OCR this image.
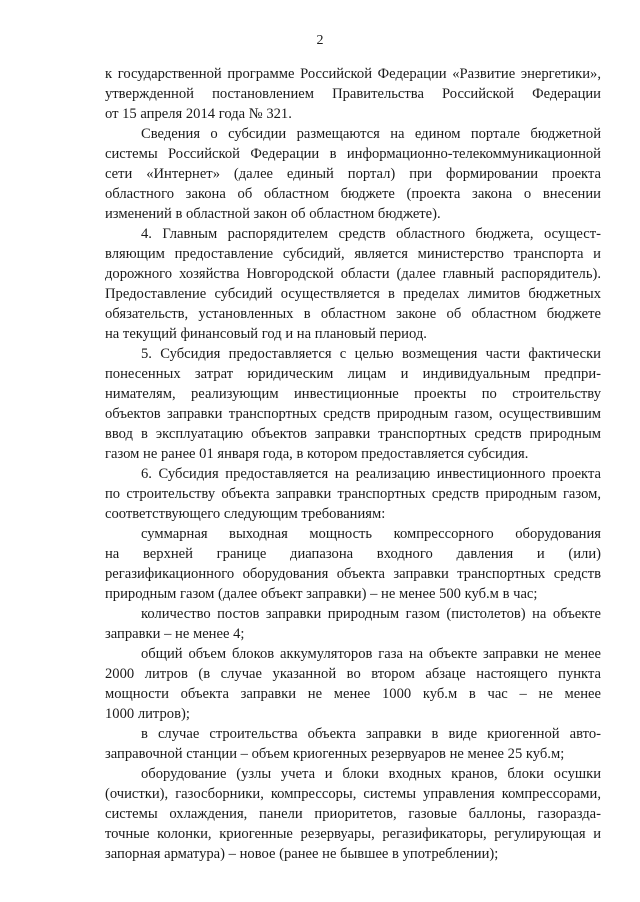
2
к государственной программе Российской Федерации «Развитие энергетики»,
утвержденной постановлением Правительства Российской Федерации
от 15 апреля 2014 года № 321.
Сведения о субсидии размещаются на едином портале бюджетной
системы Российской Федерации в информационно-телекоммуникационной
сети «Интернет» (далее единый портал) при формировании проекта
областного закона об областном бюджете (проекта закона о внесении
изменений в областной закон об областном бюджете).
4. Главным распорядителем средств областного бюджета, осущест-
вляющим предоставление субсидий, является министерство транспорта и
дорожного хозяйства Новгородской области (далее главный распорядитель).
Предоставление субсидий осуществляется в пределах лимитов бюджетных
обязательств, установленных в областном законе об областном бюджете
на текущий финансовый год и на плановый период.
5. Субсидия предоставляется с целью возмещения части фактически
понесенных затрат юридическим лицам и индивидуальным предпри-
нимателям, реализующим инвестиционные проекты по строительству
объектов заправки транспортных средств природным газом, осуществившим
ввод в эксплуатацию объектов заправки транспортных средств природным
газом не ранее 01 января года, в котором предоставляется субсидия.
6. Субсидия предоставляется на реализацию инвестиционного проекта
по строительству объекта заправки транспортных средств природным газом,
соответствующего следующим требованиям:
суммарная выходная мощность компрессорного оборудования
на верхней границе диапазона входного давления и (или)
регазификационного оборудования объекта заправки транспортных средств
природным газом (далее объект заправки) – не менее 500 куб.м в час;
количество постов заправки природным газом (пистолетов) на объекте
заправки – не менее 4;
общий объем блоков аккумуляторов газа на объекте заправки не менее
2000 литров (в случае указанной во втором абзаце настоящего пункта
мощности объекта заправки не менее 1000 куб.м в час – не менее
1000 литров);
в случае строительства объекта заправки в виде криогенной авто-
заправочной станции – объем криогенных резервуаров не менее 25 куб.м;
оборудование (узлы учета и блоки входных кранов, блоки осушки
(очистки), газосборники, компрессоры, системы управления компрессорами,
системы охлаждения, панели приоритетов, газовые баллоны, газоразда-
точные колонки, криогенные резервуары, регазификаторы, регулирующая и
запорная арматура) – новое (ранее не бывшее в употреблении);
